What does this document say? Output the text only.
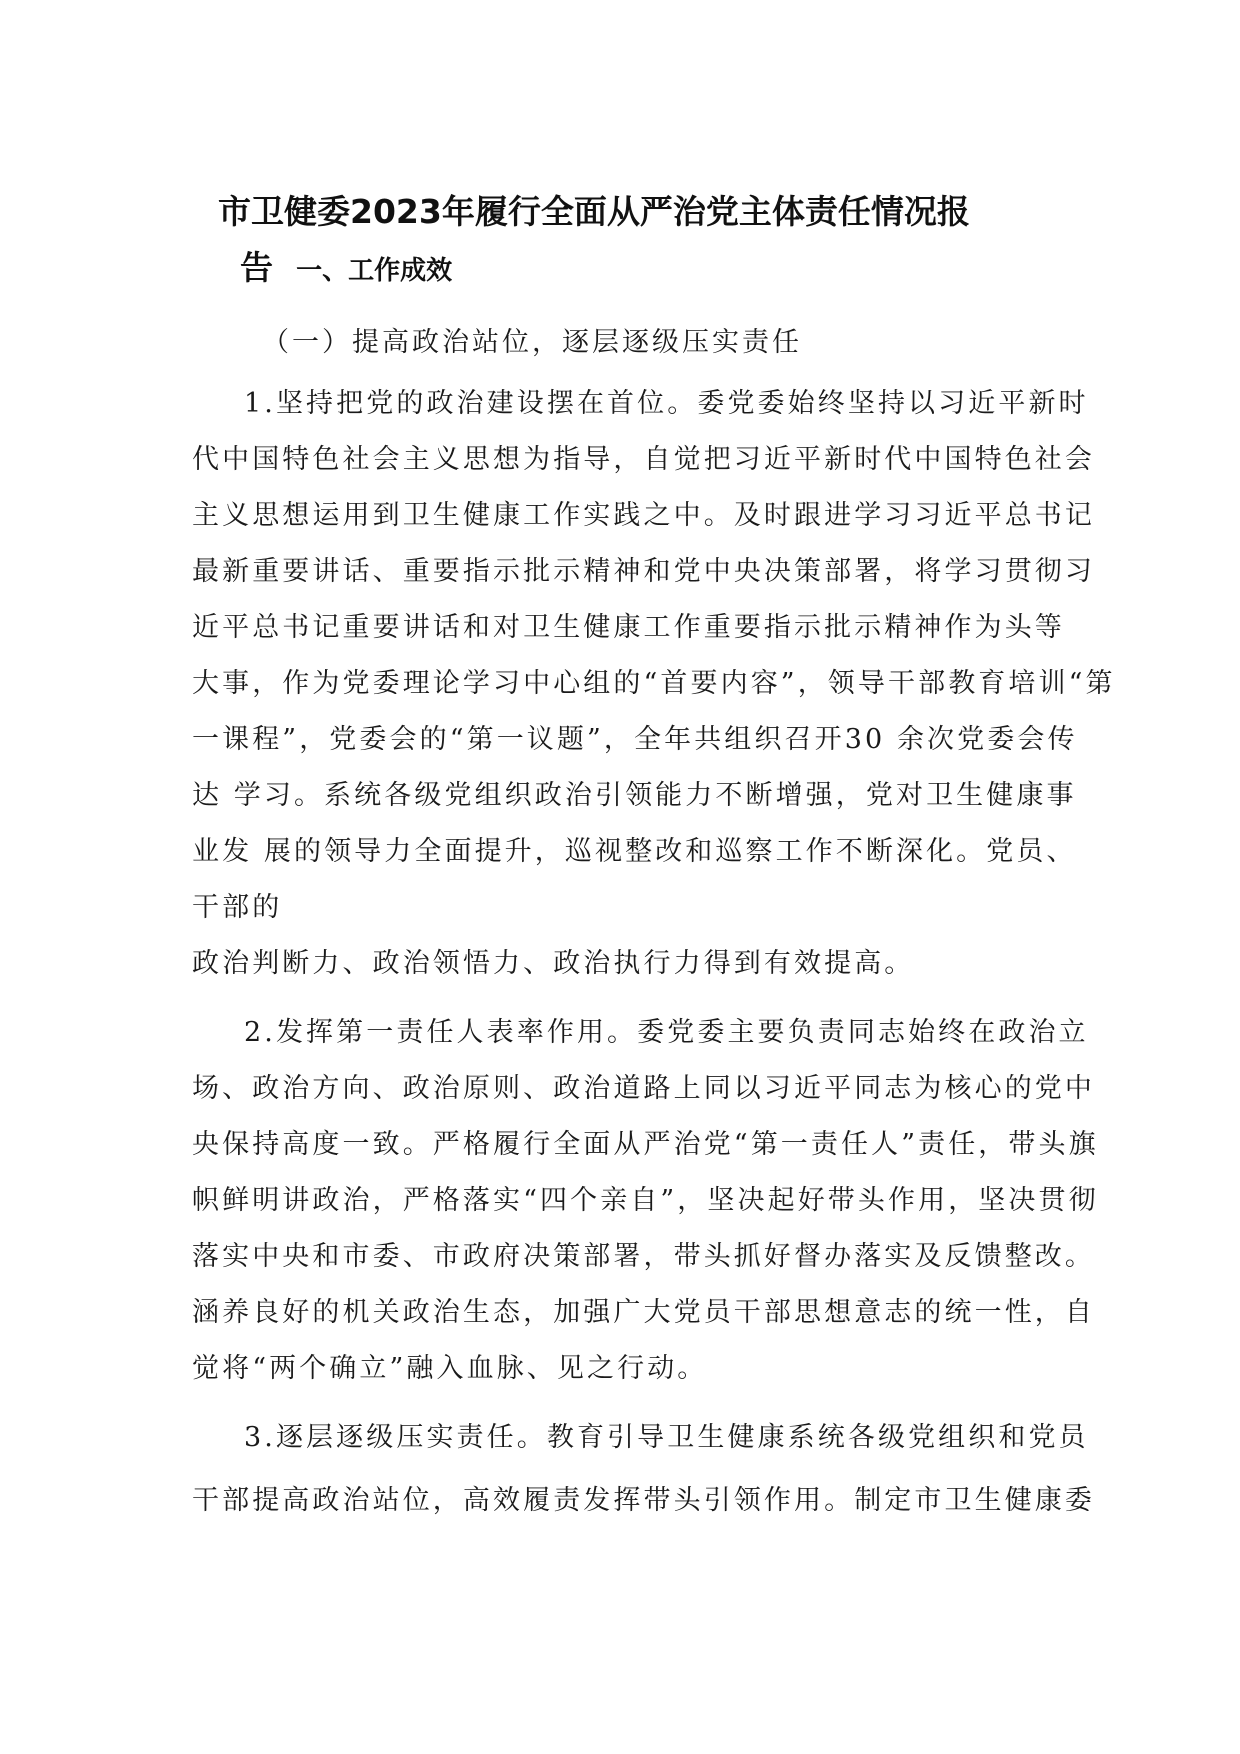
市卫健委2023年履行全面从严治党主体责任情况报
告 一、工作成效
（一）提高政治站位，逐层逐级压实责任
1.坚持把党的政治建设摆在首位。委党委始终坚持以习近平新时
代中国特色社会主义思想为指导，自觉把习近平新时代中国特色社会
主义思想运用到卫生健康工作实践之中。及时跟进学习习近平总书记
最新重要讲话、重要指示批示精神和党中央决策部署，将学习贯彻习
近平总书记重要讲话和对卫生健康工作重要指示批示精神作为头等
大事，作为党委理论学习中心组的“首要内容”，领导干部教育培训“第
一课程”，党委会的“第一议题”，全年共组织召开30 余次党委会传
达 学习。系统各级党组织政治引领能力不断增强，党对卫生健康事
业发 展的领导力全面提升，巡视整改和巡察工作不断深化。党员、
干部的
政治判断力、政治领悟力、政治执行力得到有效提高。
2.发挥第一责任人表率作用。委党委主要负责同志始终在政治立
场、政治方向、政治原则、政治道路上同以习近平同志为核心的党中
央保持高度一致。严格履行全面从严治党“第一责任人”责任，带头旗
帜鲜明讲政治，严格落实“四个亲自”，坚决起好带头作用，坚决贯彻
落实中央和市委、市政府决策部署，带头抓好督办落实及反馈整改。
涵养良好的机关政治生态，加强广大党员干部思想意志的统一性，自
觉将“两个确立”融入血脉、见之行动。
3.逐层逐级压实责任。教育引导卫生健康系统各级党组织和党员
干部提高政治站位，高效履责发挥带头引领作用。制定市卫生健康委
